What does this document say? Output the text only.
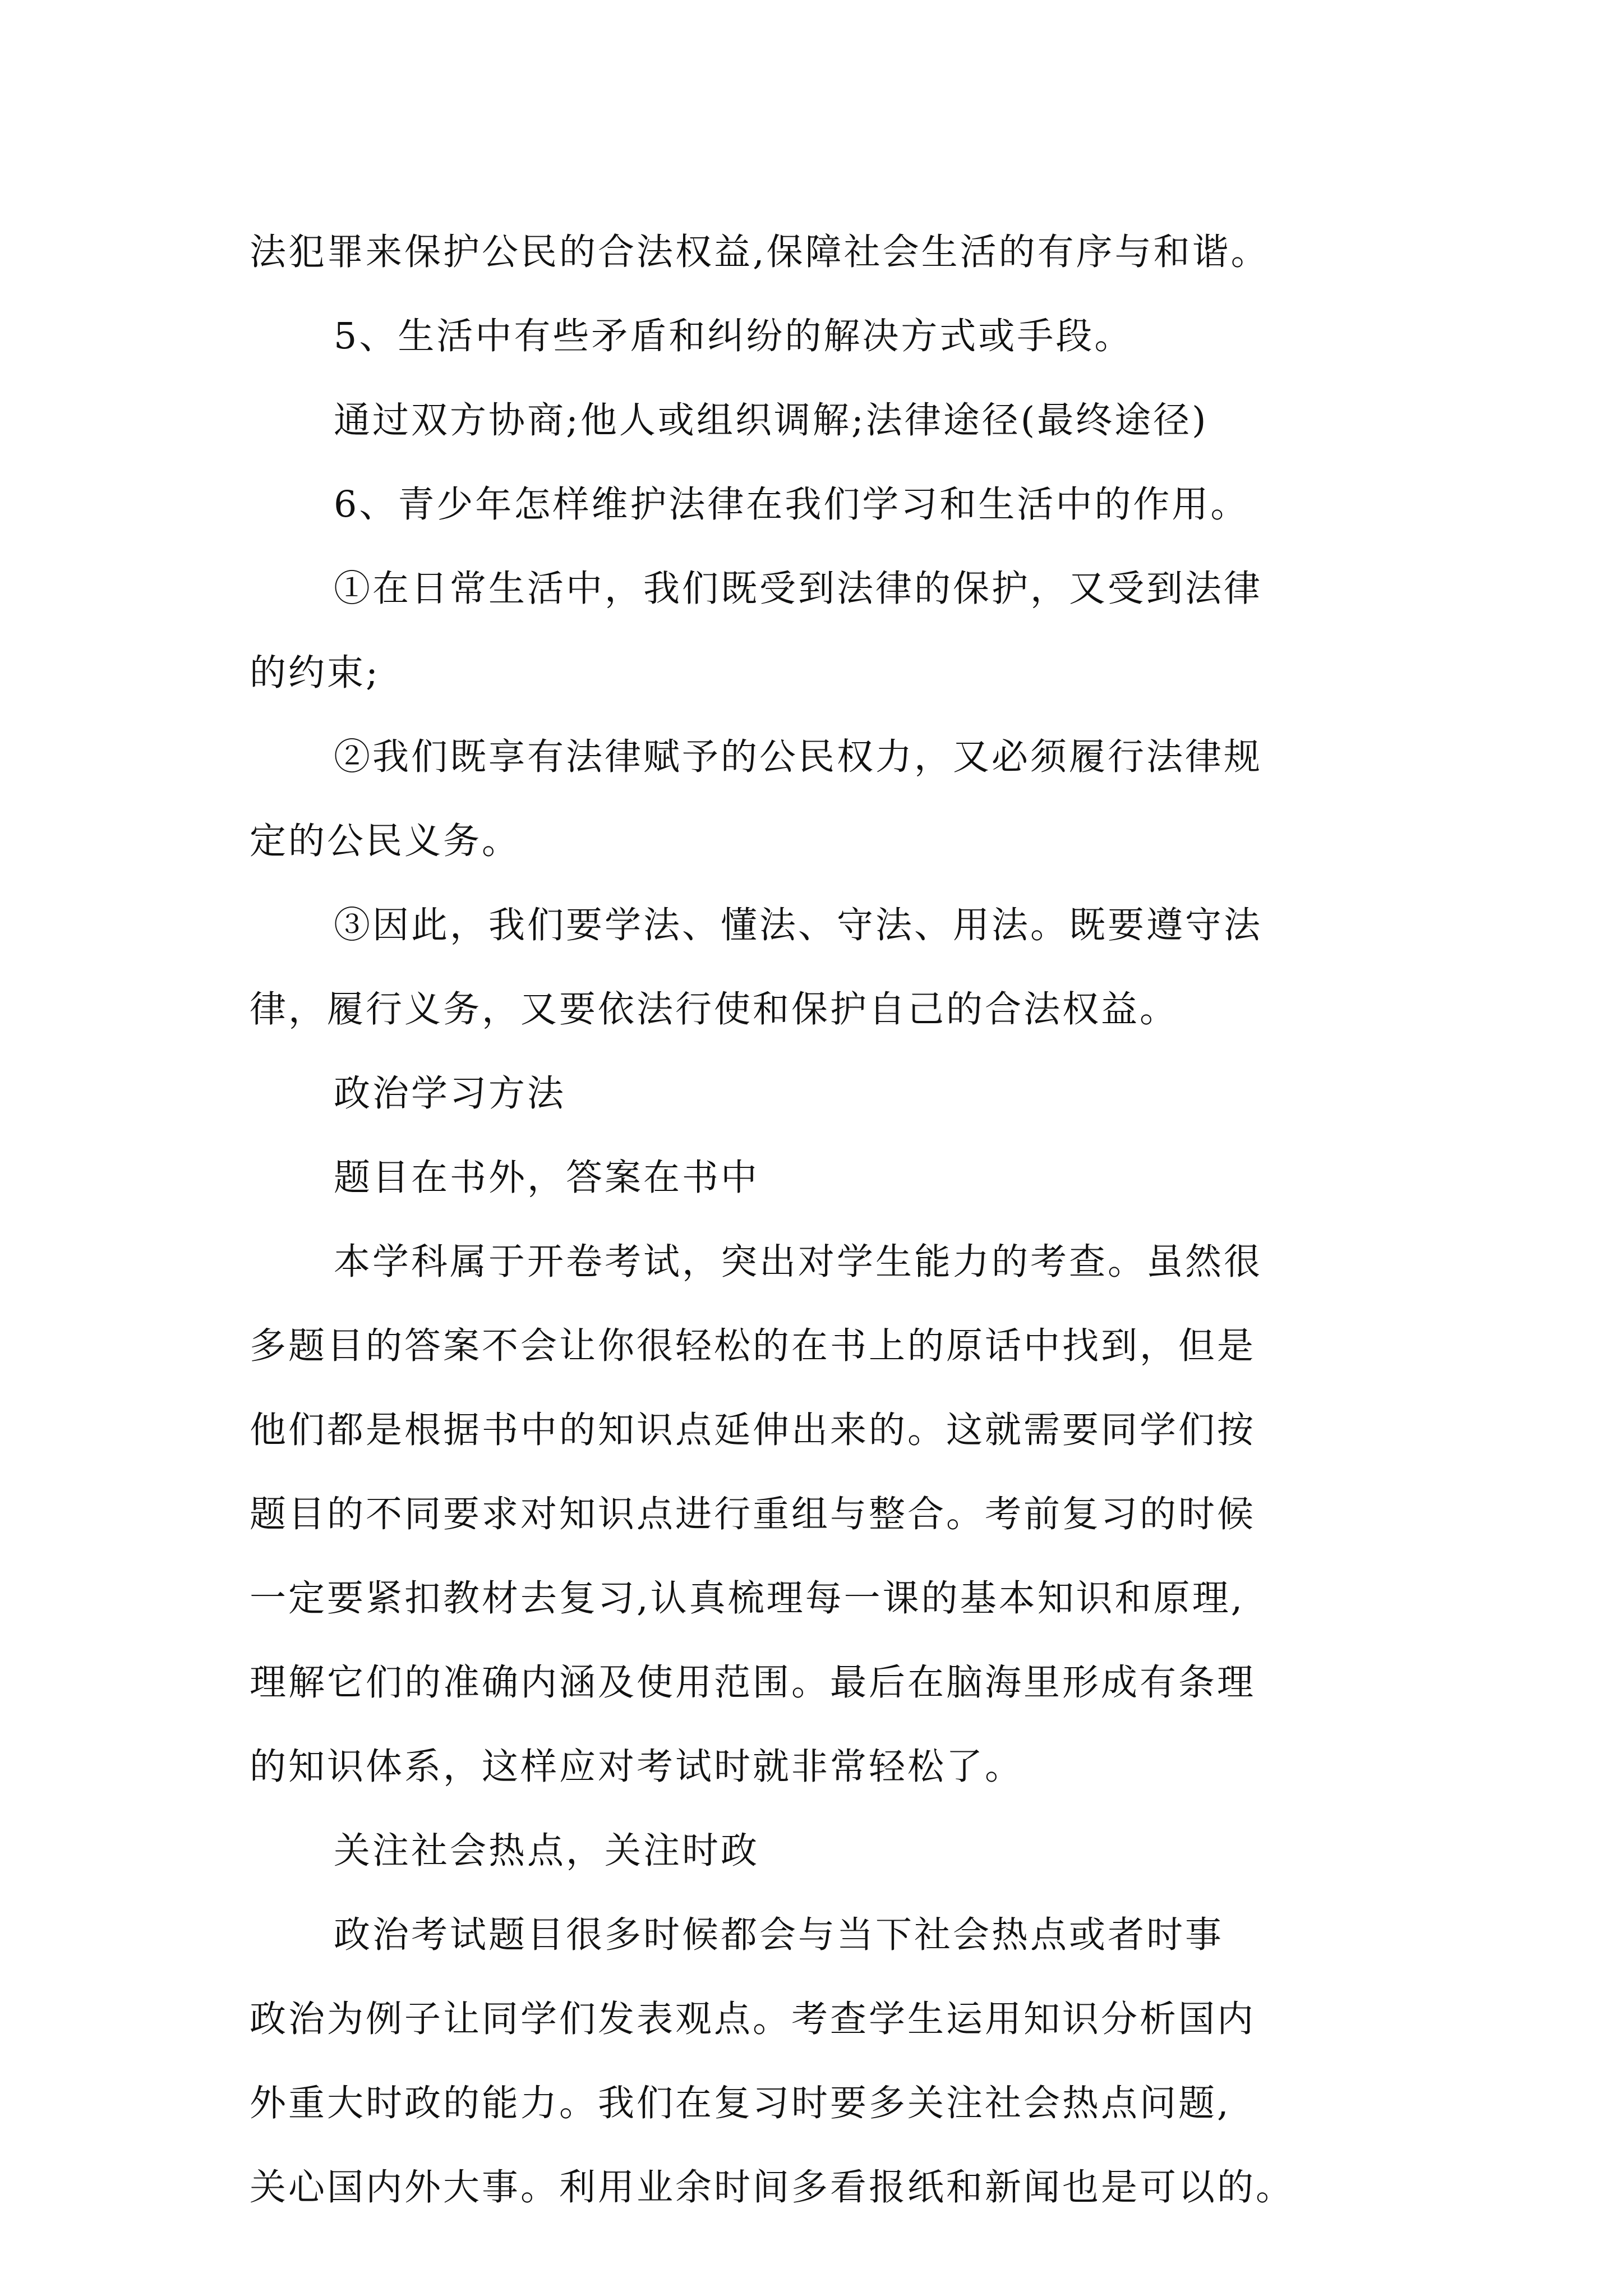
法犯罪来保护公民的合法权益,保障社会生活的有序与和谐。
5、生活中有些矛盾和纠纷的解决方式或手段。
通过双方协商;他人或组织调解;法律途径(最终途径)
6、青少年怎样维护法律在我们学习和生活中的作用。
①在日常生活中，我们既受到法律的保护，又受到法律
的约束;
②我们既享有法律赋予的公民权力，又必须履行法律规
定的公民义务。
③因此，我们要学法、懂法、守法、用法。既要遵守法
律，履行义务，又要依法行使和保护自己的合法权益。
政治学习方法
题目在书外，答案在书中
本学科属于开卷考试，突出对学生能力的考查。虽然很
多题目的答案不会让你很轻松的在书上的原话中找到，但是
他们都是根据书中的知识点延伸出来的。这就需要同学们按
题目的不同要求对知识点进行重组与整合。考前复习的时候
一定要紧扣教材去复习,认真梳理每一课的基本知识和原理,
理解它们的准确内涵及使用范围。最后在脑海里形成有条理
的知识体系，这样应对考试时就非常轻松了。
关注社会热点，关注时政
政治考试题目很多时候都会与当下社会热点或者时事
政治为例子让同学们发表观点。考查学生运用知识分析国内
外重大时政的能力。我们在复习时要多关注社会热点问题,
关心国内外大事。利用业余时间多看报纸和新闻也是可以的。
